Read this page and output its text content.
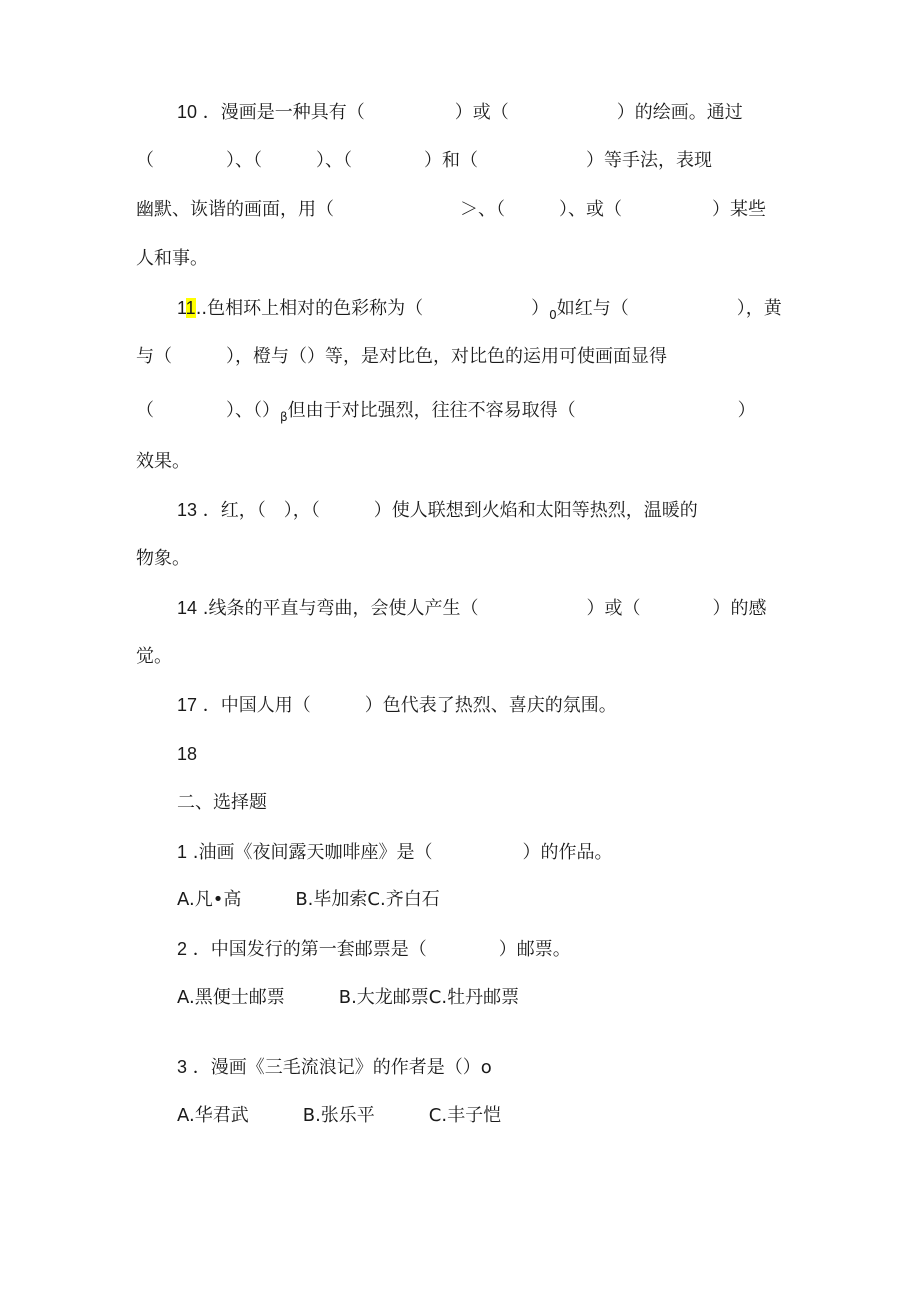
10 ．漫画是一种具有（　　　　　）或（　　　　　　）的绘画。通过
（　　　　）、（　　　）、（　　　　）和（　　　　　　）等手法，表现
幽默、诙谐的画面，用（　　　　　　　＞、（　　　）、或（　　　　　）某些
人和事。
11..色相环上相对的色彩称为（　　　　　　）$_0$如红与（　　　　　　），黄
与（　　　），橙与（）等，是对比色，对比色的运用可使画面显得
（　　　　）、$()_\beta$但由于对比强烈，往往不容易取得（　　　　　　　　　）
效果。
13 ．红，（　），（　　　）使人联想到火焰和太阳等热烈，温暖的
物象。
14 .线条的平直与弯曲，会使人产生（　　　　　　）或（　　　　）的感
觉。
17 ．中国人用（　　　）色代表了热烈、喜庆的氛围。
18
二、选择题
1 .油画《夜间露天咖啡座》是（　　　　　）的作品。
A.凡•高　　　B.毕加索C.齐白石
2 ．中国发行的第一套邮票是（　　　　）邮票。
A.黑便士邮票　　　B.大龙邮票C.牡丹邮票
3 ．漫画《三毛流浪记》的作者是（）o
A.华君武　　　B.张乐平　　　C.丰子恺
